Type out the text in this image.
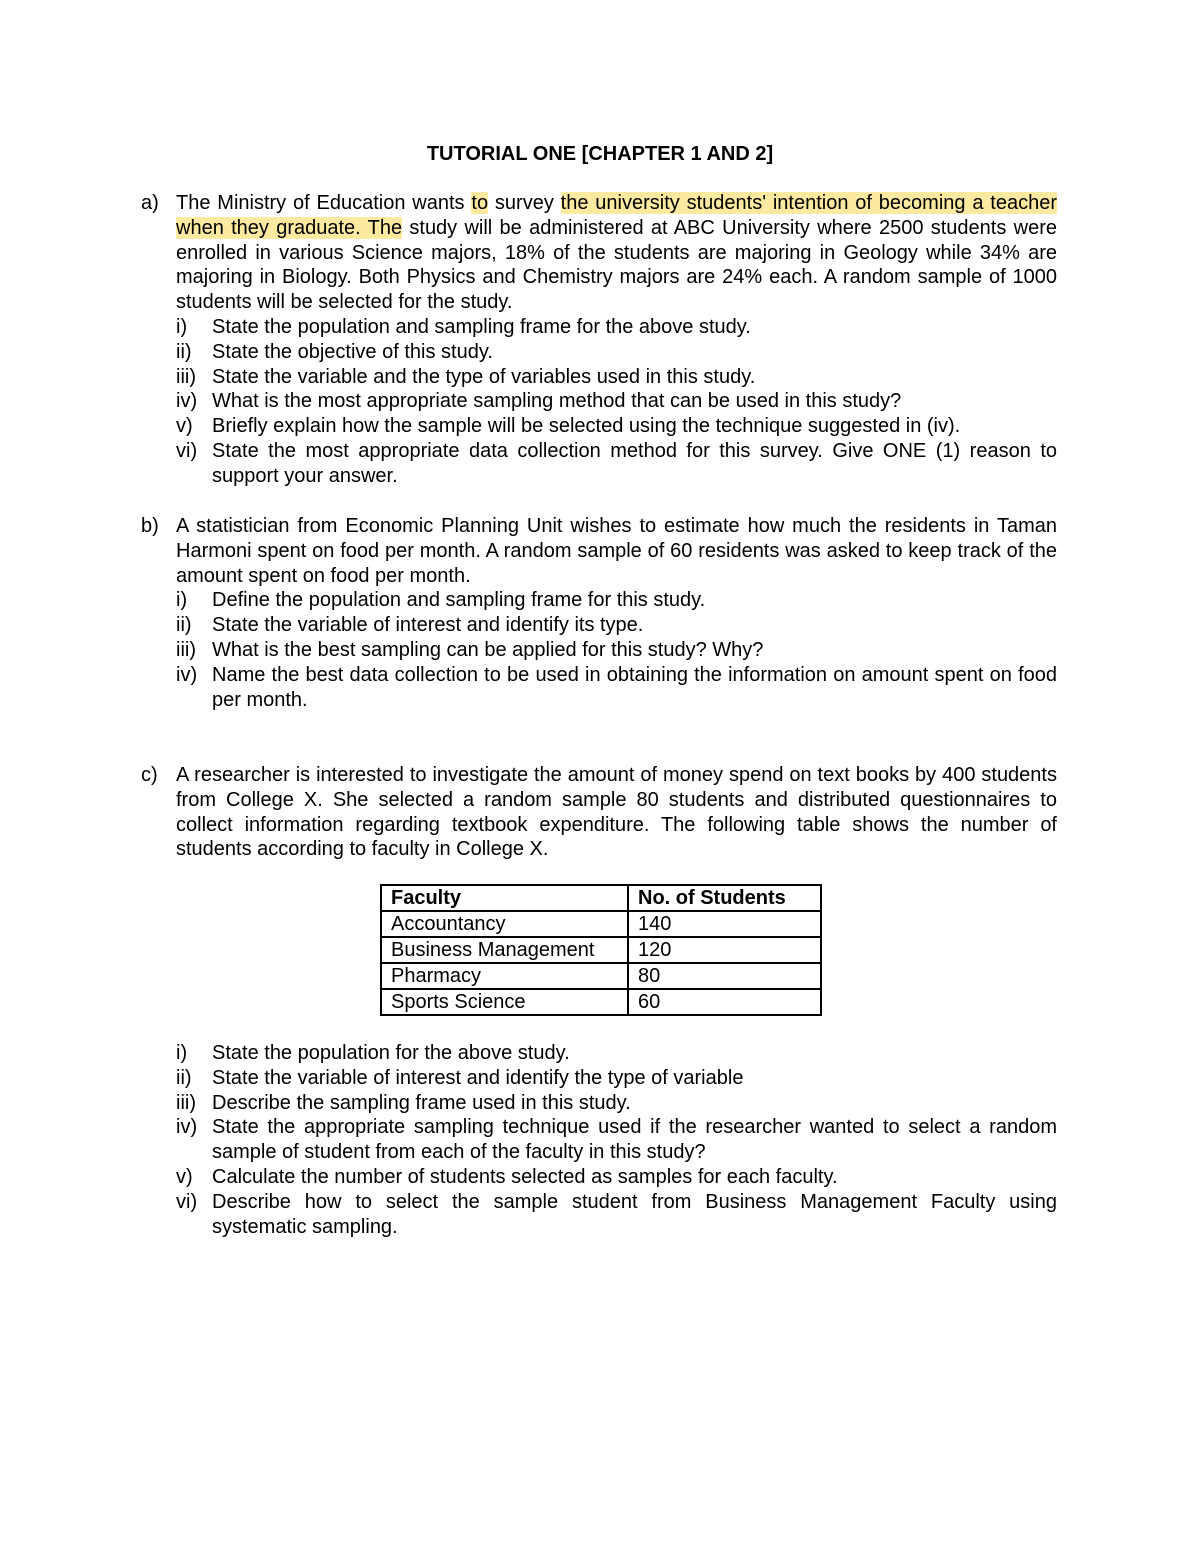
TUTORIAL ONE [CHAPTER 1 AND 2]
a) The Ministry of Education wants to survey the university students' intention of becoming a teacher when they graduate. The study will be administered at ABC University where 2500 students were enrolled in various Science majors, 18% of the students are majoring in Geology while 34% are majoring in Biology. Both Physics and Chemistry majors are 24% each. A random sample of 1000 students will be selected for the study.
i) State the population and sampling frame for the above study.
ii) State the objective of this study.
iii) State the variable and the type of variables used in this study.
iv) What is the most appropriate sampling method that can be used in this study?
v) Briefly explain how the sample will be selected using the technique suggested in (iv).
vi) State the most appropriate data collection method for this survey. Give ONE (1) reason to support your answer.
b) A statistician from Economic Planning Unit wishes to estimate how much the residents in Taman Harmoni spent on food per month. A random sample of 60 residents was asked to keep track of the amount spent on food per month.
i) Define the population and sampling frame for this study.
ii) State the variable of interest and identify its type.
iii) What is the best sampling can be applied for this study? Why?
iv) Name the best data collection to be used in obtaining the information on amount spent on food per month.
c) A researcher is interested to investigate the amount of money spend on text books by 400 students from College X. She selected a random sample 80 students and distributed questionnaires to collect information regarding textbook expenditure. The following table shows the number of students according to faculty in College X.
Faculty	No. of Students
Accountancy	140
Business Management	120
Pharmacy	80
Sports Science	60
i) State the population for the above study.
ii) State the variable of interest and identify the type of variable
iii) Describe the sampling frame used in this study.
iv) State the appropriate sampling technique used if the researcher wanted to select a random sample of student from each of the faculty in this study?
v) Calculate the number of students selected as samples for each faculty.
vi) Describe how to select the sample student from Business Management Faculty using systematic sampling.
